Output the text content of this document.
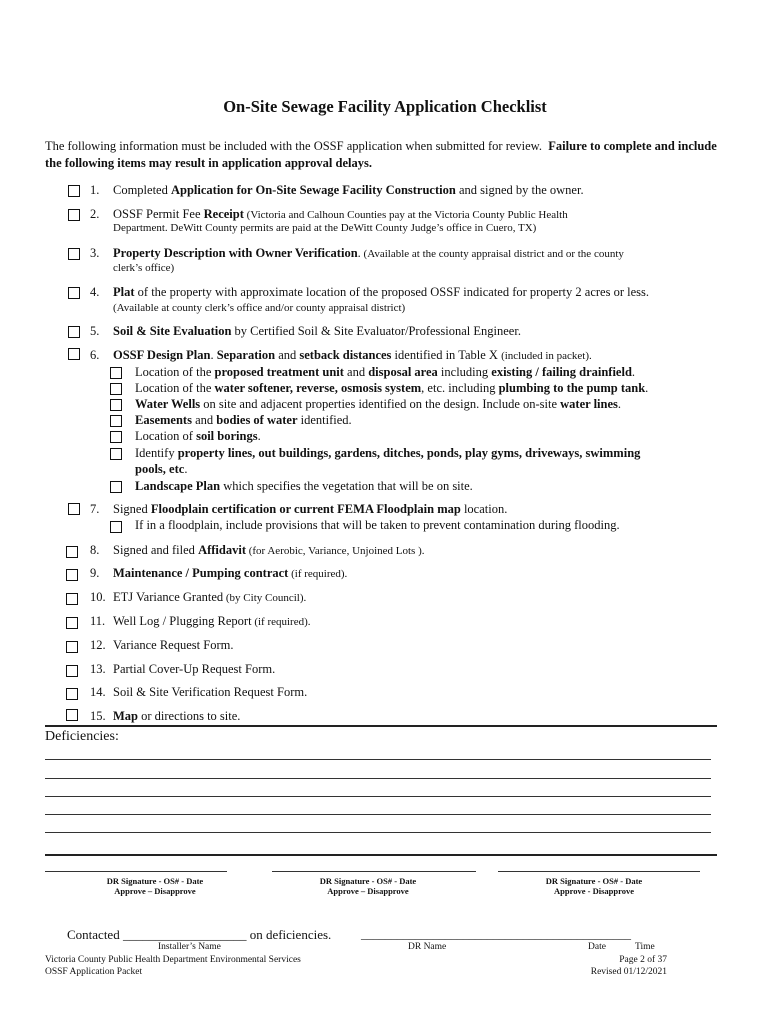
On-Site Sewage Facility Application Checklist
The following information must be included with the OSSF application when submitted for review. Failure to complete and include the following items may result in application approval delays.
1. Completed Application for On-Site Sewage Facility Construction and signed by the owner.
2. OSSF Permit Fee Receipt (Victoria and Calhoun Counties pay at the Victoria County Public Health
Department. DeWitt County permits are paid at the DeWitt County Judge’s office in Cuero, TX)
3. Property Description with Owner Verification. (Available at the county appraisal district and or the county
clerk’s office)
4. Plat of the property with approximate location of the proposed OSSF indicated for property 2 acres or less.
(Available at county clerk’s office and/or county appraisal district)
5. Soil & Site Evaluation by Certified Soil & Site Evaluator/Professional Engineer.
6. OSSF Design Plan. Separation and setback distances identified in Table X (included in packet).
Location of the proposed treatment unit and disposal area including existing / failing drainfield.
Location of the water softener, reverse, osmosis system, etc. including plumbing to the pump tank.
Water Wells on site and adjacent properties identified on the design. Include on-site water lines.
Easements and bodies of water identified.
Location of soil borings.
Identify property lines, out buildings, gardens, ditches, ponds, play gyms, driveways, swimming
pools, etc.
Landscape Plan which specifies the vegetation that will be on site.
7. Signed Floodplain certification or current FEMA Floodplain map location.
If in a floodplain, include provisions that will be taken to prevent contamination during flooding.
8. Signed and filed Affidavit (for Aerobic, Variance, Unjoined Lots ).
9. Maintenance / Pumping contract (if required).
10. ETJ Variance Granted (by City Council).
11. Well Log / Plugging Report (if required).
12. Variance Request Form.
13. Partial Cover-Up Request Form.
14. Soil & Site Verification Request Form.
15. Map or directions to site.
Deficiencies:
DR Signature - OS# - Date
Approve – Disapprove
DR Signature - OS# - Date
Approve – Disapprove
DR Signature - OS# - Date
Approve - Disapprove
Contacted ___________________ on deficiencies. _____________________________________________
Installer’s Name	DR Name	Date	Time
Victoria County Public Health Department Environmental Services
OSSF Application Packet
Page 2 of 37
Revised 01/12/2021
